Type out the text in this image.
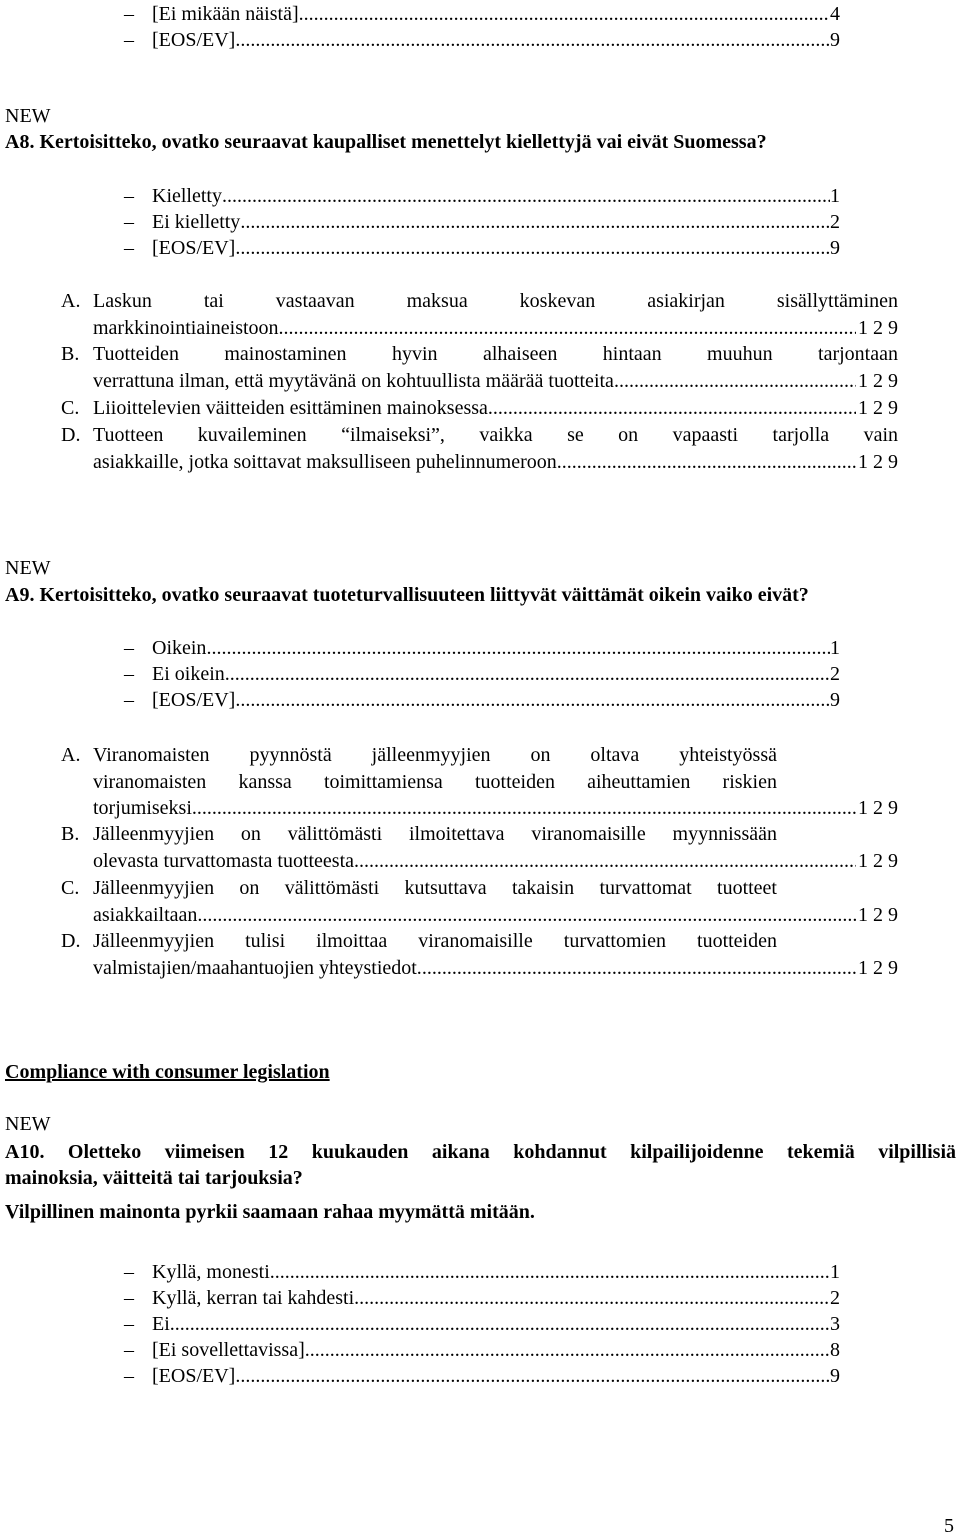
– [Ei mikään näistä] .....	4
– [EOS/EV] .....	9
NEW
A8. Kertoisitteko, ovatko seuraavat kaupalliset menettelyt kiellettyjä vai eivät Suomessa?
– Kielletty .....	1
– Ei kielletty .....	2
– [EOS/EV] .....	9
A. Laskun tai vastaavan maksua koskevan asiakirjan sisällyttäminen
markkinointiaineistoon .....	1 2 9
B. Tuotteiden mainostaminen hyvin alhaiseen hintaan muuhun tarjontaan
verrattuna ilman, että myytävänä on kohtuullista määrää tuotteita .....	1 2 9
C. Liioittelevien väitteiden esittäminen mainoksessa .....	1 2 9
D. Tuotteen kuvaileminen “ilmaiseksi”, vaikka se on vapaasti tarjolla vain
asiakkaille, jotka soittavat maksulliseen puhelinnumeroon .....	1 2 9
NEW
A9. Kertoisitteko, ovatko seuraavat tuoteturvallisuuteen liittyvät väittämät oikein vaiko eivät?
– Oikein .....	1
– Ei oikein .....	2
– [EOS/EV] .....	9
A. Viranomaisten pyynnöstä jälleenmyyjien on oltava yhteistyössä
viranomaisten kanssa toimittamiensa tuotteiden aiheuttamien riskien
torjumiseksi .....	1 2 9
B. Jälleenmyyjien on välittömästi ilmoitettava viranomaisille myynnissään
olevasta turvattomasta tuotteesta. .....	1 2 9
C. Jälleenmyyjien on välittömästi kutsuttava takaisin turvattomat tuotteet
asiakkailtaan. .....	1 2 9
D. Jälleenmyyjien tulisi ilmoittaa viranomaisille turvattomien tuotteiden
valmistajien/maahantuojien yhteystiedot. .....	1 2 9
Compliance with consumer legislation
NEW
A10. Oletteko viimeisen 12 kuukauden aikana kohdannut kilpailijoidenne tekemiä vilpillisiä
mainoksia, väitteitä tai tarjouksia?
Vilpillinen mainonta pyrkii saamaan rahaa myymättä mitään.
– Kyllä, monesti .....	1
– Kyllä, kerran tai kahdesti .....	2
– Ei .....	3
– [Ei sovellettavissa] .....	8
– [EOS/EV] .....	9
5
